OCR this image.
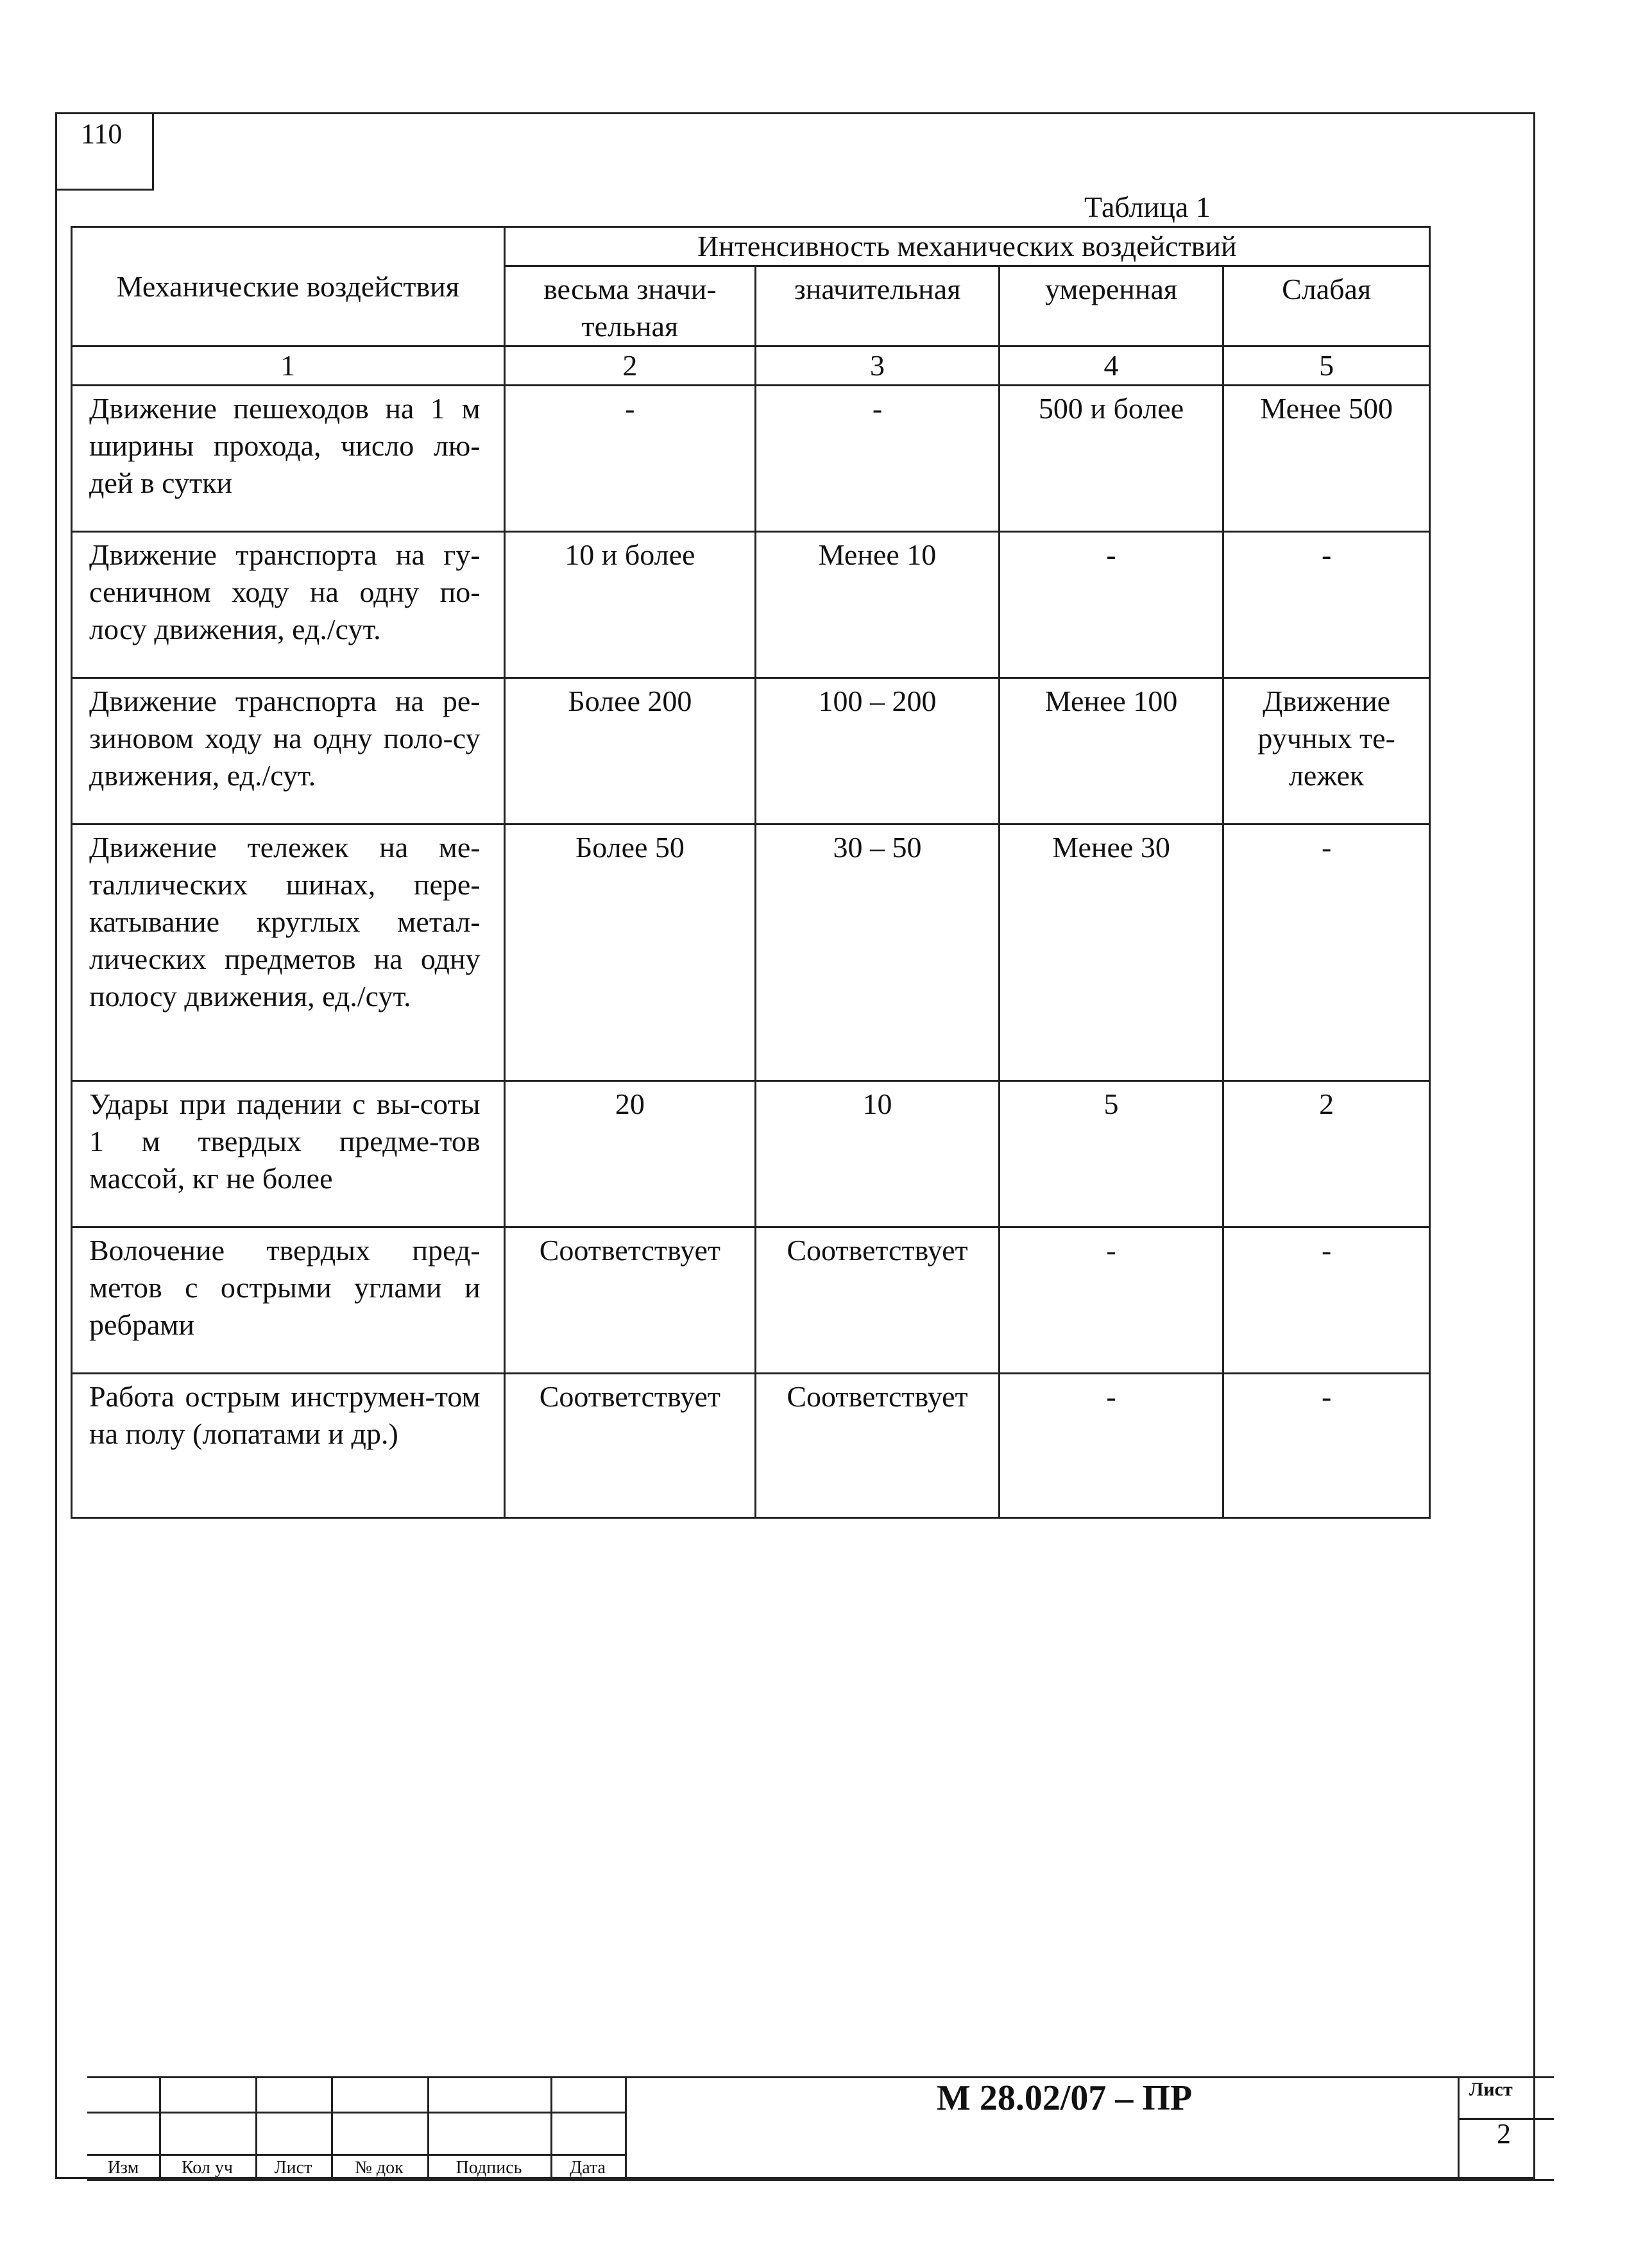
110
Таблица 1
Механические воздействия	Интенсивность механических воздействий			
	весьма значи-тельная	значительная	умеренная	Слабая
1	2	3	4	5
Движение пешеходов на 1 м ширины прохода, число лю-дей в сутки	-	-	500 и более	Менее 500
Движение транспорта на гу-сеничном ходу на одну по-лосу движения, ед./сут.	10 и более	Менее 10	-	-
Движение транспорта на ре-зиновом ходу на одну поло-су движения, ед./сут.	Более 200	100 – 200	Менее 100	Движение ручных те-лежек
Движение тележек на ме-таллических шинах, пере-катывание круглых метал-лических предметов на одну полосу движения, ед./сут.	Более 50	30 – 50	Менее 30	-
Удары при падении с вы-соты 1 м твердых предме-тов массой, кг не более	20	10	5	2
Волочение твердых пред-метов с острыми углами и ребрами	Соответствует	Соответствует	-	-
Работа острым инструмен-том на полу (лопатами и др.)	Соответствует	Соответствует	-	-
Изм	Кол уч	Лист	№ док	Подпись	Дата
М 28.02/07 – ПР	Лист
2
